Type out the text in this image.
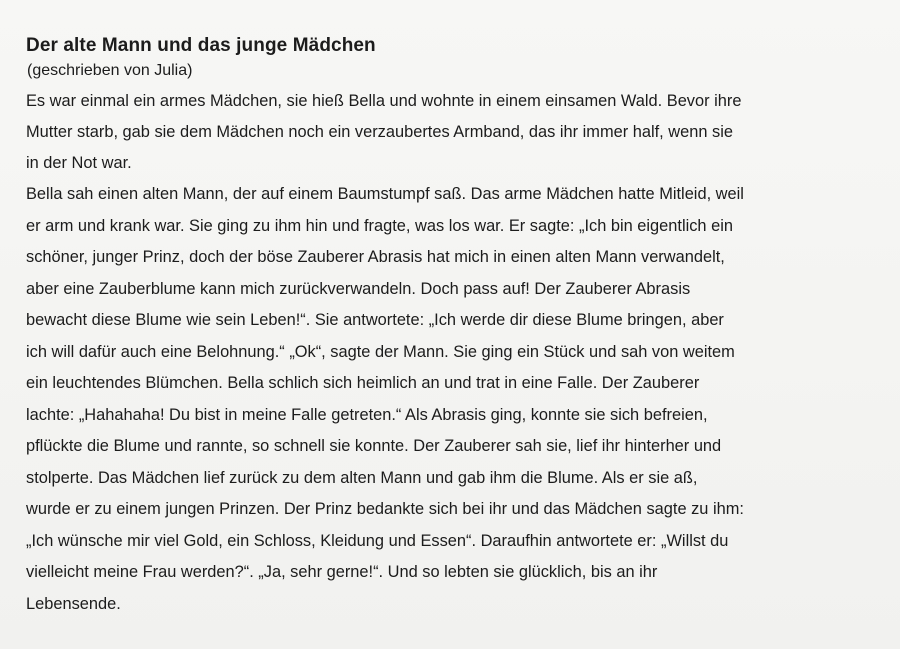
Der alte Mann und das junge Mädchen
(geschrieben von Julia)

Es war einmal ein armes Mädchen, sie hieß Bella und wohnte in einem einsamen Wald. Bevor ihre
Mutter starb, gab sie dem Mädchen noch ein verzaubertes Armband, das ihr immer half, wenn sie
in der Not war.

Bella sah einen alten Mann, der auf einem Baumstumpf saß. Das arme Mädchen hatte Mitleid, weil
er arm und krank war. Sie ging zu ihm hin und fragte, was los war. Er sagte: „Ich bin eigentlich ein
schöner, junger Prinz, doch der böse Zauberer Abrasis hat mich in einen alten Mann verwandelt,
aber eine Zauberblume kann mich zurückverwandeln. Doch pass auf! Der Zauberer Abrasis
bewacht diese Blume wie sein Leben!“. Sie antwortete: „Ich werde dir diese Blume bringen, aber
ich will dafür auch eine Belohnung.“ „Ok“, sagte der Mann. Sie ging ein Stück und sah von weitem
ein leuchtendes Blümchen. Bella schlich sich heimlich an und trat in eine Falle. Der Zauberer
lachte: „Hahahaha! Du bist in meine Falle getreten.“ Als Abrasis ging, konnte sie sich befreien,
pflückte die Blume und rannte, so schnell sie konnte. Der Zauberer sah sie, lief ihr hinterher und
stolperte. Das Mädchen lief zurück zu dem alten Mann und gab ihm die Blume. Als er sie aß,
wurde er zu einem jungen Prinzen. Der Prinz bedankte sich bei ihr und das Mädchen sagte zu ihm:
„Ich wünsche mir viel Gold, ein Schloss, Kleidung und Essen“. Daraufhin antwortete er: „Willst du
vielleicht meine Frau werden?“. „Ja, sehr gerne!“. Und so lebten sie glücklich, bis an ihr
Lebensende.
